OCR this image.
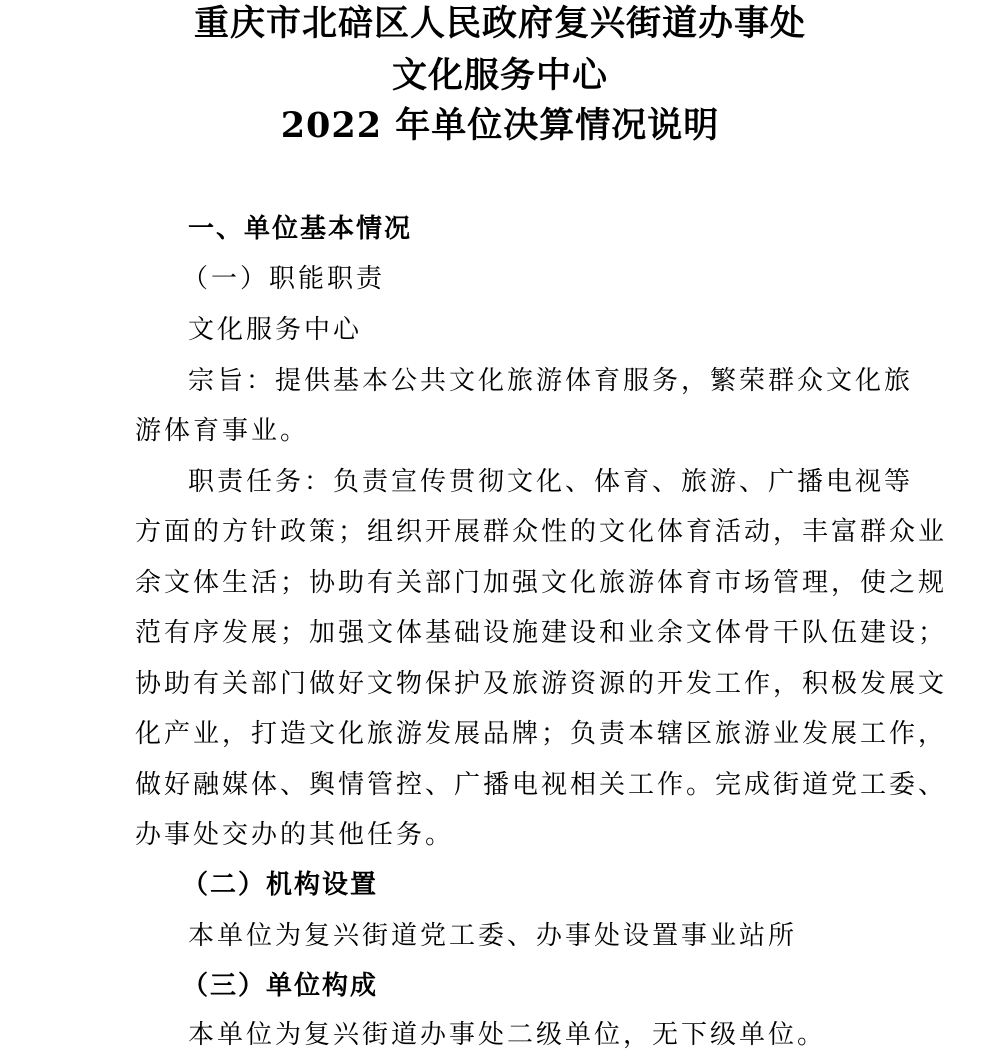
重庆市北碚区人民政府复兴街道办事处
文化服务中心
2022 年单位决算情况说明

一、单位基本情况

（一）职能职责

文化服务中心

宗旨：提供基本公共文化旅游体育服务，繁荣群众文化旅

游体育事业。

职责任务：负责宣传贯彻文化、体育、旅游、广播电视等

方面的方针政策；组织开展群众性的文化体育活动，丰富群众业

余文体生活；协助有关部门加强文化旅游体育市场管理，使之规

范有序发展；加强文体基础设施建设和业余文体骨干队伍建设；

协助有关部门做好文物保护及旅游资源的开发工作，积极发展文

化产业，打造文化旅游发展品牌；负责本辖区旅游业发展工作，

做好融媒体、舆情管控、广播电视相关工作。完成街道党工委、

办事处交办的其他任务。

（二）机构设置

本单位为复兴街道党工委、办事处设置事业站所

（三）单位构成

本单位为复兴街道办事处二级单位，无下级单位。
